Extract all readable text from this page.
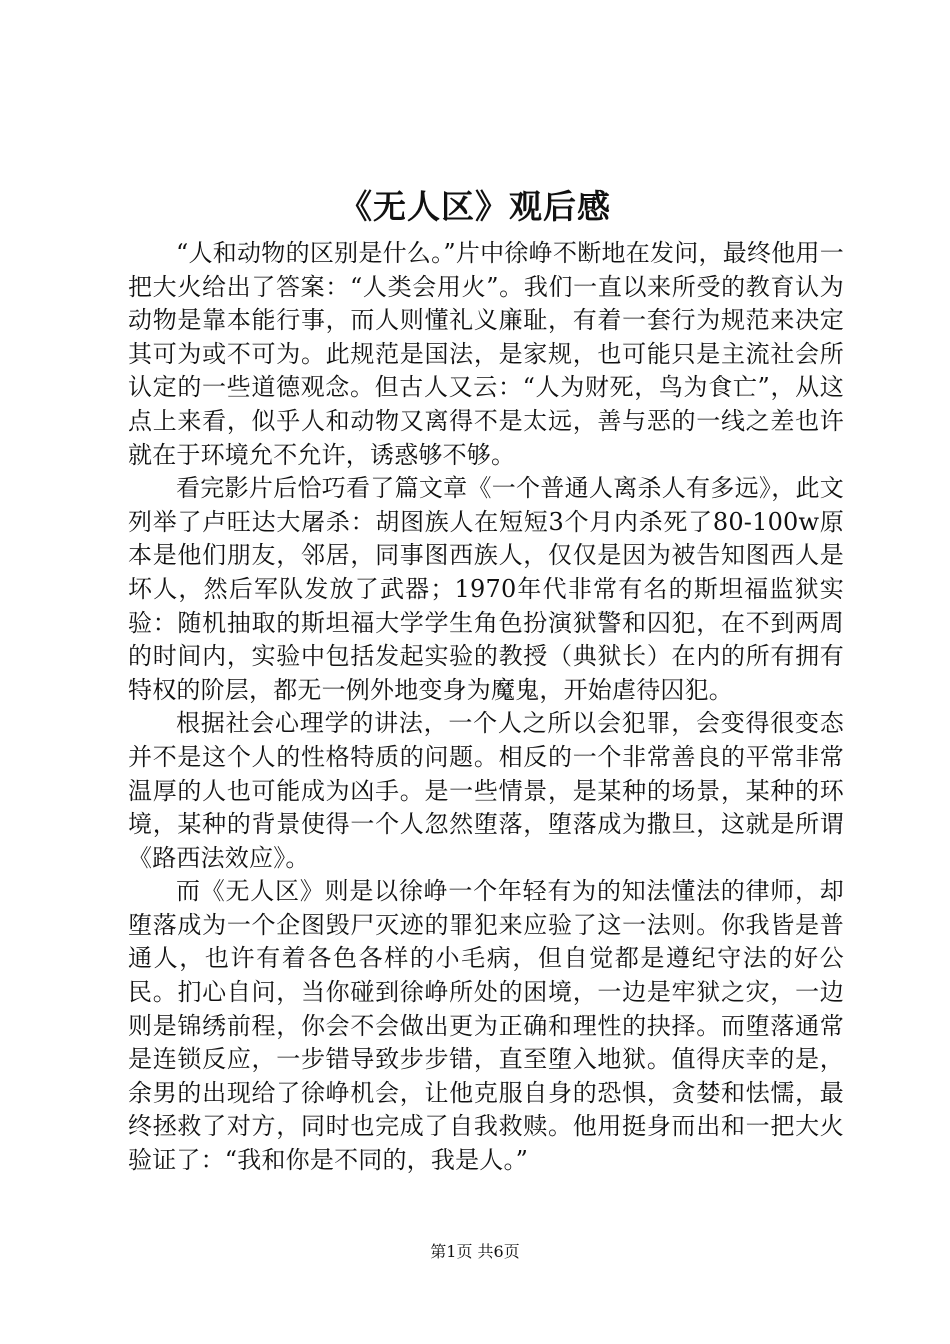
《无人区》观后感

“人和动物的区别是什么。”片中徐峥不断地在发问，最终他用一把大火给出了答案：“人类会用火”。我们一直以来所受的教育认为动物是靠本能行事，而人则懂礼义廉耻，有着一套行为规范来决定其可为或不可为。此规范是国法，是家规，也可能只是主流社会所认定的一些道德观念。但古人又云：“人为财死，鸟为食亡”，从这点上来看，似乎人和动物又离得不是太远，善与恶的一线之差也许就在于环境允不允许，诱惑够不够。

看完影片后恰巧看了篇文章《一个普通人离杀人有多远》，此文列举了卢旺达大屠杀：胡图族人在短短3个月内杀死了80-100w原本是他们朋友，邻居，同事图西族人，仅仅是因为被告知图西人是坏人，然后军队发放了武器；1970年代非常有名的斯坦福监狱实验：随机抽取的斯坦福大学学生角色扮演狱警和囚犯，在不到两周的时间内，实验中包括发起实验的教授（典狱长）在内的所有拥有特权的阶层，都无一例外地变身为魔鬼，开始虐待囚犯。

根据社会心理学的讲法，一个人之所以会犯罪，会变得很变态并不是这个人的性格特质的问题。相反的一个非常善良的平常非常温厚的人也可能成为凶手。是一些情景，是某种的场景，某种的环境，某种的背景使得一个人忽然堕落，堕落成为撒旦，这就是所谓《路西法效应》。

而《无人区》则是以徐峥一个年轻有为的知法懂法的律师，却堕落成为一个企图毁尸灭迹的罪犯来应验了这一法则。你我皆是普通人，也许有着各色各样的小毛病，但自觉都是遵纪守法的好公民。扪心自问，当你碰到徐峥所处的困境，一边是牢狱之灾，一边则是锦绣前程，你会不会做出更为正确和理性的抉择。而堕落通常是连锁反应，一步错导致步步错，直至堕入地狱。值得庆幸的是，余男的出现给了徐峥机会，让他克服自身的恐惧，贪婪和怯懦，最终拯救了对方，同时也完成了自我救赎。他用挺身而出和一把大火验证了：“我和你是不同的，我是人。”

第1页 共6页
